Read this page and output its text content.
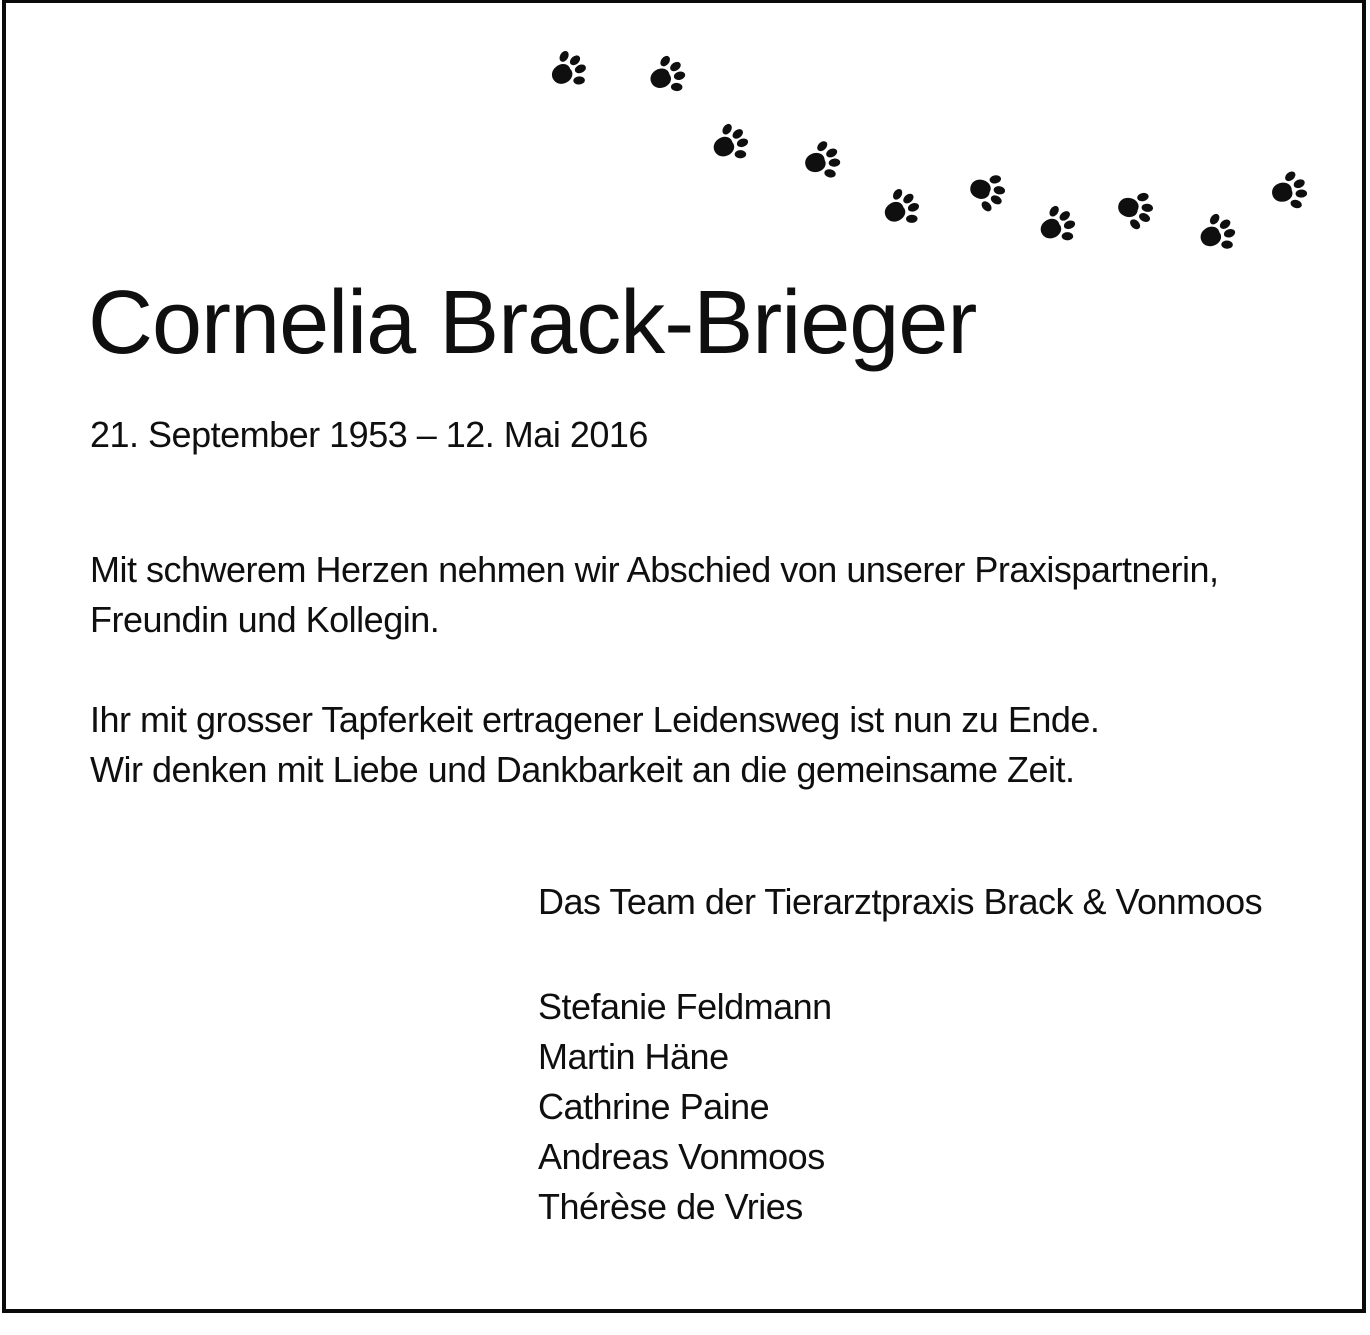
Cornelia Brack-Brieger
21. September 1953 – 12. Mai 2016
Mit schwerem Herzen nehmen wir Abschied von unserer Praxispartnerin,
Freundin und Kollegin.
Ihr mit grosser Tapferkeit ertragener Leidensweg ist nun zu Ende.
Wir denken mit Liebe und Dankbarkeit an die gemeinsame Zeit.
Das Team der Tierarztpraxis Brack & Vonmoos
Stefanie Feldmann
Martin Häne
Cathrine Paine
Andreas Vonmoos
Thérèse de Vries
